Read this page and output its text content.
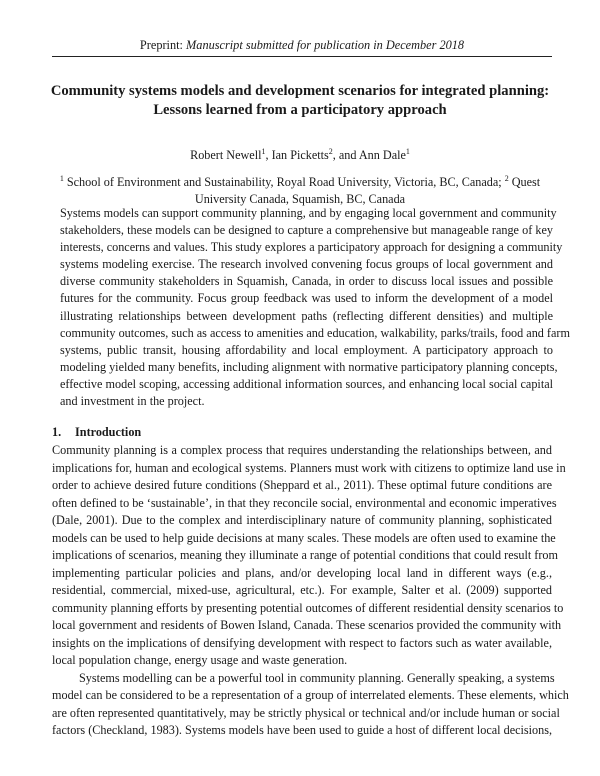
Preprint: Manuscript submitted for publication in December 2018
Community systems models and development scenarios for integrated planning:
Lessons learned from a participatory approach
Robert Newell$^1$, Ian Picketts$^2$, and Ann Dale$^1$
$^1$ School of Environment and Sustainability, Royal Road University, Victoria, BC, Canada; $^2$ Quest
University Canada, Squamish, BC, Canada
Systems models can support community planning, and by engaging local government and community
stakeholders, these models can be designed to capture a comprehensive but manageable range of key
interests, concerns and values. This study explores a participatory approach for designing a community
systems modeling exercise. The research involved convening focus groups of local government and
diverse community stakeholders in Squamish, Canada, in order to discuss local issues and possible
futures for the community. Focus group feedback was used to inform the development of a model
illustrating relationships between development paths (reflecting different densities) and multiple
community outcomes, such as access to amenities and education, walkability, parks/trails, food and farm
systems, public transit, housing affordability and local employment. A participatory approach to
modeling yielded many benefits, including alignment with normative participatory planning concepts,
effective model scoping, accessing additional information sources, and enhancing local social capital
and investment in the project.
1. Introduction
Community planning is a complex process that requires understanding the relationships between, and
implications for, human and ecological systems. Planners must work with citizens to optimize land use in
order to achieve desired future conditions (Sheppard et al., 2011). These optimal future conditions are
often defined to be ‘sustainable’, in that they reconcile social, environmental and economic imperatives
(Dale, 2001). Due to the complex and interdisciplinary nature of community planning, sophisticated
models can be used to help guide decisions at many scales. These models are often used to examine the
implications of scenarios, meaning they illuminate a range of potential conditions that could result from
implementing particular policies and plans, and/or developing local land in different ways (e.g.,
residential, commercial, mixed-use, agricultural, etc.). For example, Salter et al. (2009) supported
community planning efforts by presenting potential outcomes of different residential density scenarios to
local government and residents of Bowen Island, Canada. These scenarios provided the community with
insights on the implications of densifying development with respect to factors such as water available,
local population change, energy usage and waste generation.
Systems modelling can be a powerful tool in community planning. Generally speaking, a systems
model can be considered to be a representation of a group of interrelated elements. These elements, which
are often represented quantitatively, may be strictly physical or technical and/or include human or social
factors (Checkland, 1983). Systems models have been used to guide a host of different local decisions,
